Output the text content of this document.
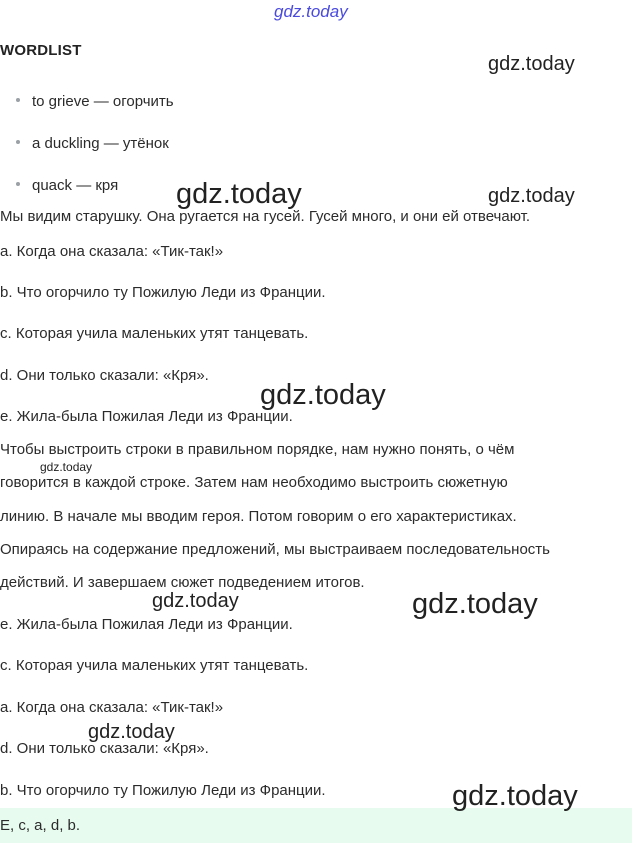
gdz.today
WORDLIST
to grieve — огорчить
a duckling — утёнок
quack — кря
Мы видим старушку. Она ругается на гусей. Гусей много, и они ей отвечают.
a. Когда она сказала: «Тик-так!»
b. Что огорчило ту Пожилую Леди из Франции.
c. Которая учила маленьких утят танцевать.
d. Они только сказали: «Кря».
e. Жила-была Пожилая Леди из Франции.
Чтобы выстроить строки в правильном порядке, нам нужно понять, о чём
говорится в каждой строке. Затем нам необходимо выстроить сюжетную
линию. В начале мы вводим героя. Потом говорим о его характеристиках.
Опираясь на содержание предложений, мы выстраиваем последовательность
действий. И завершаем сюжет подведением итогов.
e. Жила-была Пожилая Леди из Франции.
c. Которая учила маленьких утят танцевать.
a. Когда она сказала: «Тик-так!»
d. Они только сказали: «Кря».
b. Что огорчило ту Пожилую Леди из Франции.
E, c, a, d, b.
gdz.today
gdz.today	gdz.today
gdz.today
gdz.today
gdz.today	gdz.today
gdz.today
gdz.today
